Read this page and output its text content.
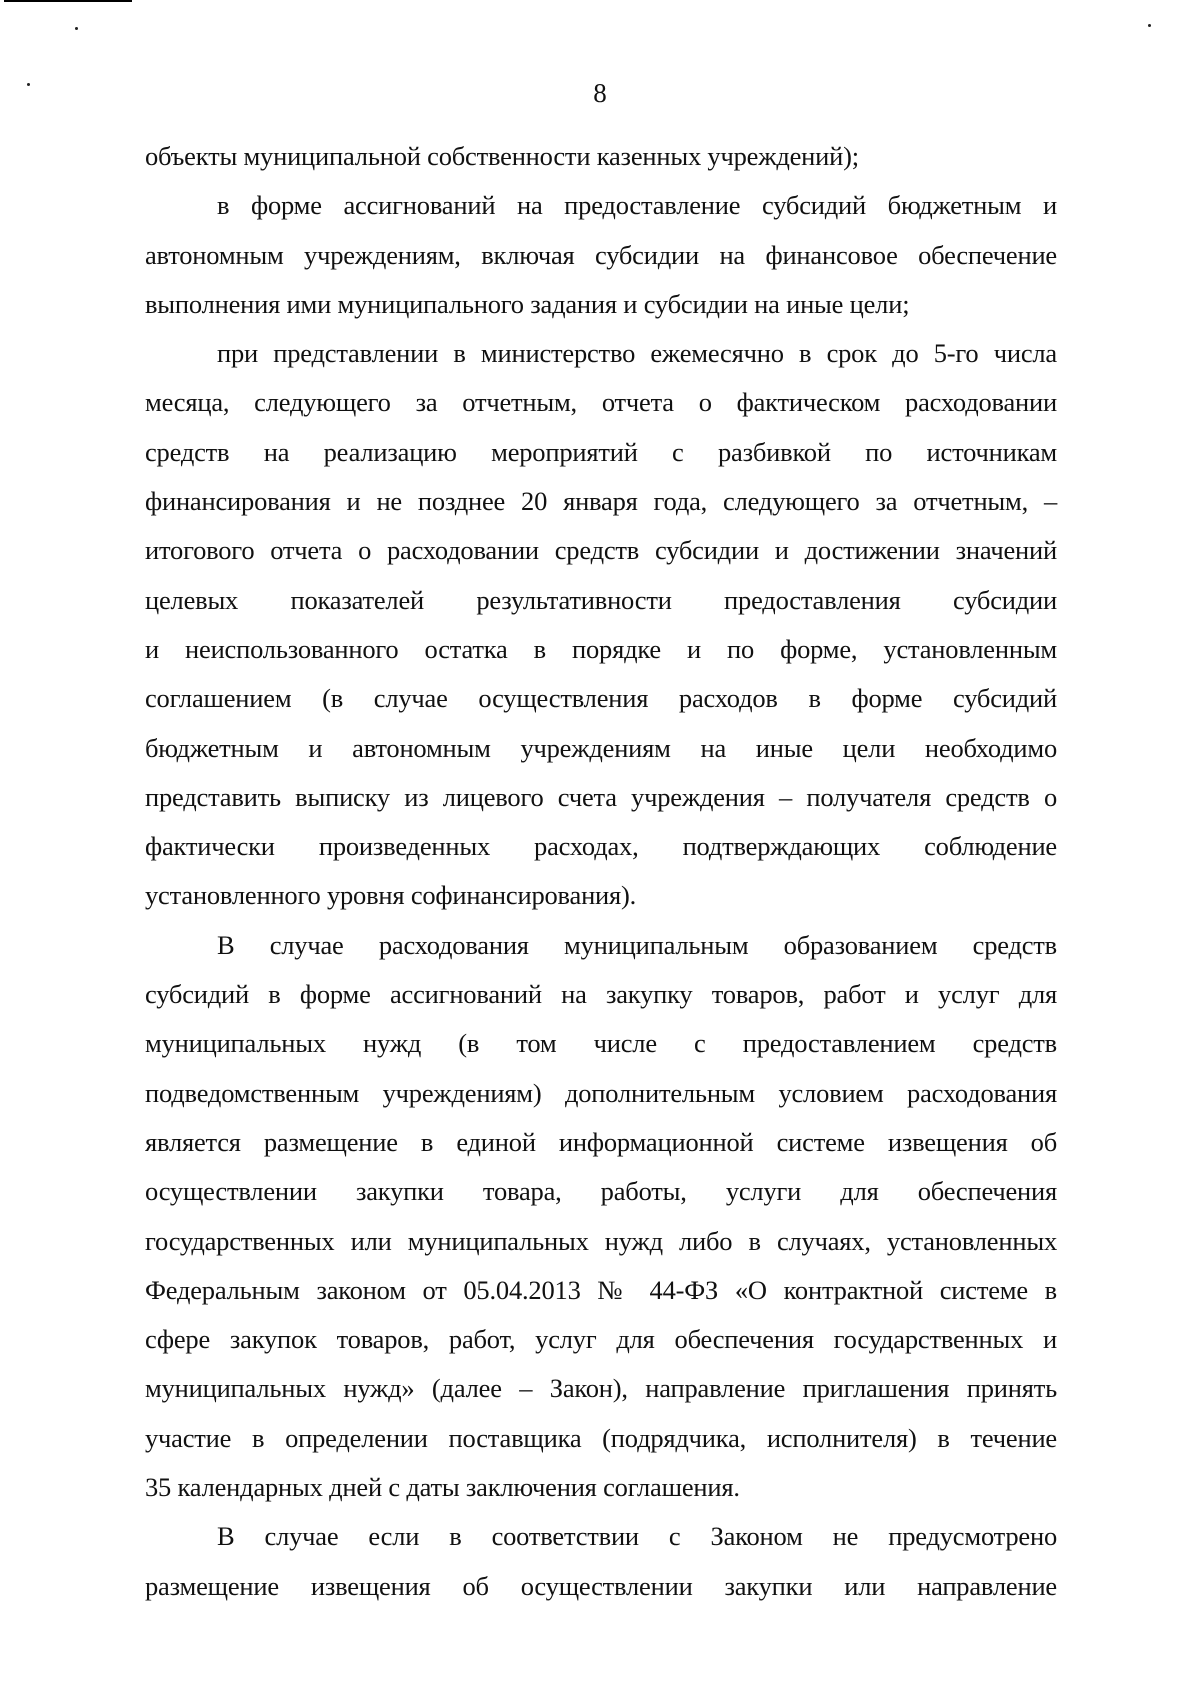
8
объекты муниципальной собственности казенных учреждений);
в форме ассигнований на предоставление субсидий бюджетным и
автономным учреждениям, включая субсидии на финансовое обеспечение
выполнения ими муниципального задания и субсидии на иные цели;
при представлении в министерство ежемесячно в срок до 5-го числа
месяца, следующего за отчетным, отчета о фактическом расходовании
средств на реализацию мероприятий с разбивкой по источникам
финансирования и не позднее 20 января года, следующего за отчетным, –
итогового отчета о расходовании средств субсидии и достижении значений
целевых показателей результативности предоставления субсидии
и неиспользованного остатка в порядке и по форме, установленным
соглашением (в случае осуществления расходов в форме субсидий
бюджетным и автономным учреждениям на иные цели необходимо
представить выписку из лицевого счета учреждения – получателя средств о
фактически произведенных расходах, подтверждающих соблюдение
установленного уровня софинансирования).
В случае расходования муниципальным образованием средств
субсидий в форме ассигнований на закупку товаров, работ и услуг для
муниципальных нужд (в том числе с предоставлением средств
подведомственным учреждениям) дополнительным условием расходования
является размещение в единой информационной системе извещения об
осуществлении закупки товара, работы, услуги для обеспечения
государственных или муниципальных нужд либо в случаях, установленных
Федеральным законом от 05.04.2013 № 44-ФЗ «О контрактной системе в
сфере закупок товаров, работ, услуг для обеспечения государственных и
муниципальных нужд» (далее – Закон), направление приглашения принять
участие в определении поставщика (подрядчика, исполнителя) в течение
35 календарных дней с даты заключения соглашения.
В случае если в соответствии с Законом не предусмотрено
размещение извещения об осуществлении закупки или направление
